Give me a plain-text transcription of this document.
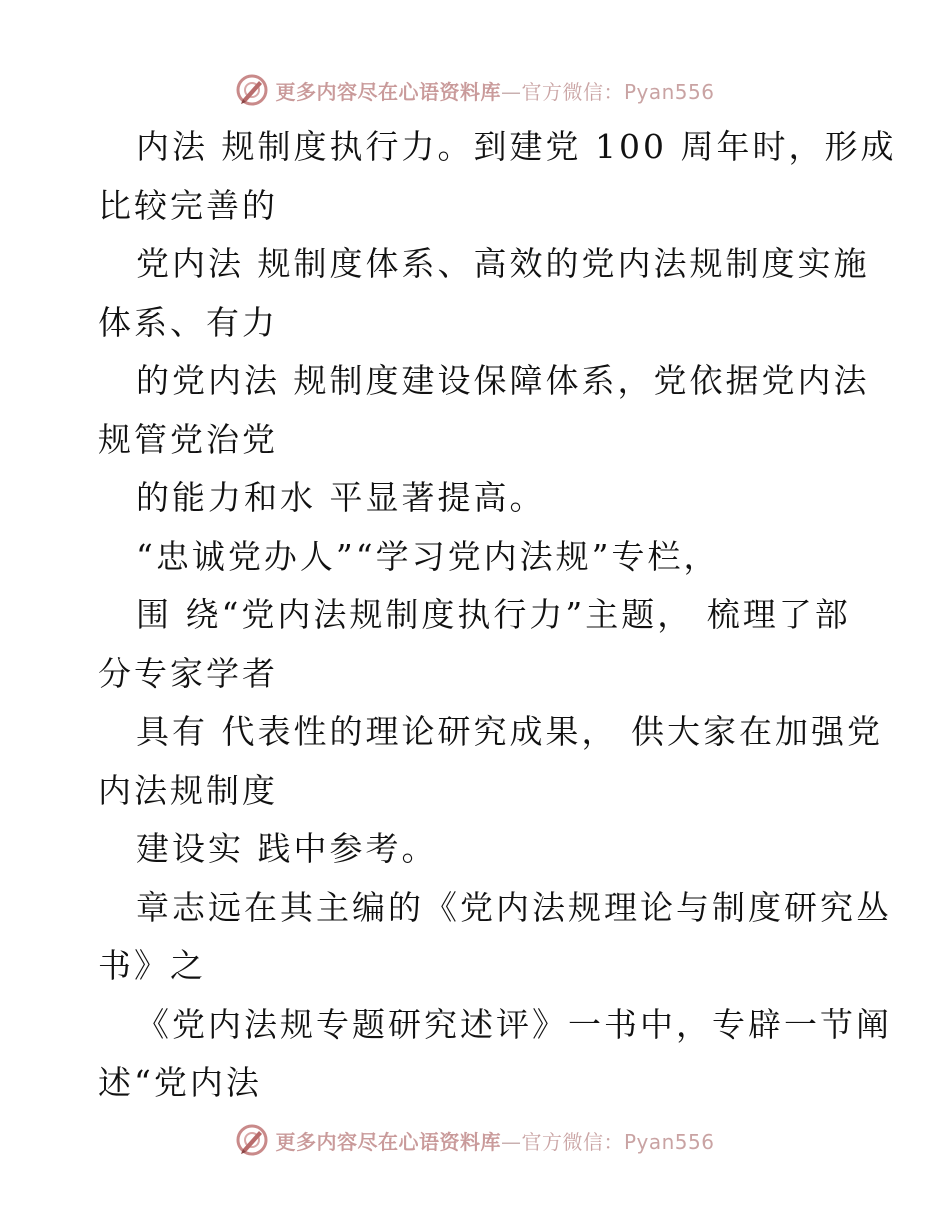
更多内容尽在心语资料库—官方微信：Pyan556
内法 规制度执行力。到建党 100 周年时，形成
比较完善的
党内法 规制度体系、高效的党内法规制度实施
体系、有力
的党内法 规制度建设保障体系，党依据党内法
规管党治党
的能力和水 平显著提高。
“忠诚党办人”“学习党内法规”专栏，
围 绕“党内法规制度执行力”主题， 梳理了部
分专家学者
具有 代表性的理论研究成果， 供大家在加强党
内法规制度
建设实 践中参考。
章志远在其主编的《党内法规理论与制度研究丛
书》之
《党内法规专题研究述评》一书中，专辟一节阐
述“党内法
更多内容尽在心语资料库—官方微信：Pyan556
